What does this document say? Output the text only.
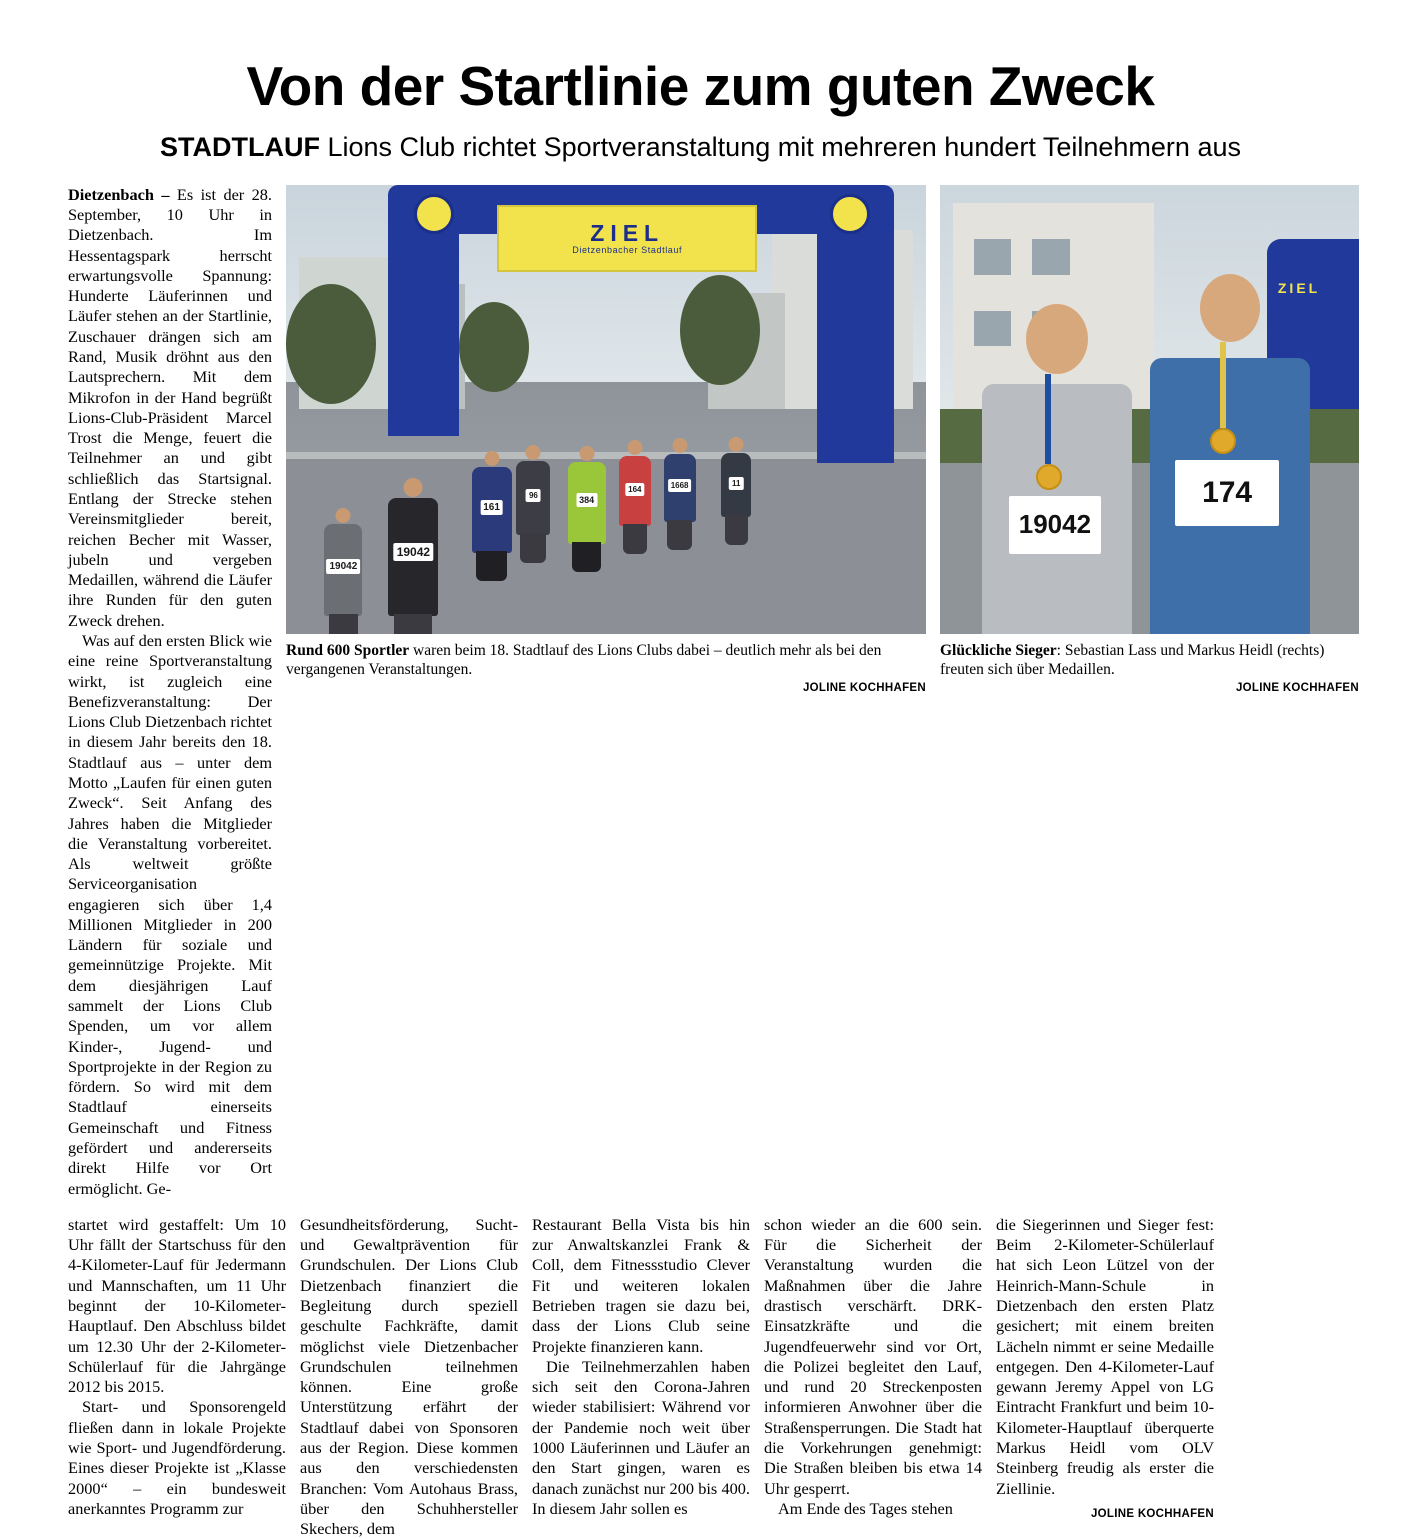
Von der Startlinie zum guten Zweck
STADTLAUF Lions Club richtet Sportveranstaltung mit mehreren hundert Teilnehmern aus

Dietzenbach – Es ist der 28. September, 10 Uhr in Dietzenbach. Im Hessentagspark herrscht erwartungsvolle Spannung: Hunderte Läuferinnen und Läufer stehen an der Startlinie, Zuschauer drängen sich am Rand, Musik dröhnt aus den Lautsprechern. Mit dem Mikrofon in der Hand begrüßt Lions-Club-Präsident Marcel Trost die Menge, feuert die Teilnehmer an und gibt schließlich das Startsignal. Entlang der Strecke stehen Vereinsmitglieder bereit, reichen Becher mit Wasser, jubeln und vergeben Medaillen, während die Läufer ihre Runden für den guten Zweck drehen.

Was auf den ersten Blick wie eine reine Sportveranstaltung wirkt, ist zugleich eine Benefizveranstaltung: Der Lions Club Dietzenbach richtet in diesem Jahr bereits den 18. Stadtlauf aus – unter dem Motto „Laufen für einen guten Zweck“. Seit Anfang des Jahres haben die Mitglieder die Veranstaltung vorbereitet. Als weltweit größte Serviceorganisation engagieren sich über 1,4 Millionen Mitglieder in 200 Ländern für soziale und gemeinnützige Projekte. Mit dem diesjährigen Lauf sammelt der Lions Club Spenden, um vor allem Kinder-, Jugend- und Sportprojekte in der Region zu fördern. So wird mit dem Stadtlauf einerseits Gemeinschaft und Fitness gefördert und andererseits direkt Hilfe vor Ort ermöglicht. Ge-

ZIEL
Dietzenbacher Stadtlauf
19042
19042
161
96	384
164	1668	11
Rund 600 Sportler waren beim 18. Stadtlauf des Lions Clubs dabei – deutlich mehr als bei den vergangenen Veranstaltungen.
JOLINE KOCHHAFEN
ZIEL
19042
174
Glückliche Sieger: Sebastian Lass und Markus Heidl (rechts) freuten sich über Medaillen.
JOLINE KOCHHAFEN

startet wird gestaffelt: Um 10 Uhr fällt der Startschuss für den 4-Kilometer-Lauf für Jedermann und Mannschaften, um 11 Uhr beginnt der 10-Kilometer-Hauptlauf. Den Abschluss bildet um 12.30 Uhr der 2-Kilometer-Schülerlauf für die Jahrgänge 2012 bis 2015.

Start- und Sponsorengeld fließen dann in lokale Projekte wie Sport- und Jugendförderung. Eines dieser Projekte ist „Klasse 2000“ – ein bundesweit anerkanntes Programm zur

Gesundheitsförderung, Sucht- und Gewaltprävention für Grundschulen. Der Lions Club Dietzenbach finanziert die Begleitung durch speziell geschulte Fachkräfte, damit möglichst viele Dietzenbacher Grundschulen teilnehmen können. Eine große Unterstützung erfährt der Stadtlauf dabei von Sponsoren aus der Region. Diese kommen aus den verschiedensten Branchen: Vom Autohaus Brass, über den Schuhhersteller Skechers, dem

Restaurant Bella Vista bis hin zur Anwaltskanzlei Frank & Coll, dem Fitnessstudio Clever Fit und weiteren lokalen Betrieben tragen sie dazu bei, dass der Lions Club seine Projekte finanzieren kann.

Die Teilnehmerzahlen haben sich seit den Corona-Jahren wieder stabilisiert: Während vor der Pandemie noch weit über 1000 Läuferinnen und Läufer an den Start gingen, waren es danach zunächst nur 200 bis 400. In diesem Jahr sollen es

schon wieder an die 600 sein. Für die Sicherheit der Veranstaltung wurden die Maßnahmen über die Jahre drastisch verschärft. DRK-Einsatzkräfte und die Jugendfeuerwehr sind vor Ort, die Polizei begleitet den Lauf, und rund 20 Streckenposten informieren Anwohner über die Straßensperrungen. Die Stadt hat die Vorkehrungen genehmigt: Die Straßen bleiben bis etwa 14 Uhr gesperrt.

Am Ende des Tages stehen

die Siegerinnen und Sieger fest: Beim 2-Kilometer-Schülerlauf hat sich Leon Lützel von der Heinrich-Mann-Schule in Dietzenbach den ersten Platz gesichert; mit einem breiten Lächeln nimmt er seine Medaille entgegen. Den 4-Kilometer-Lauf gewann Jeremy Appel von LG Eintracht Frankfurt und beim 10-Kilometer-Hauptlauf überquerte Markus Heidl vom OLV Steinberg freudig als erster die Ziellinie.

JOLINE KOCHHAFEN
